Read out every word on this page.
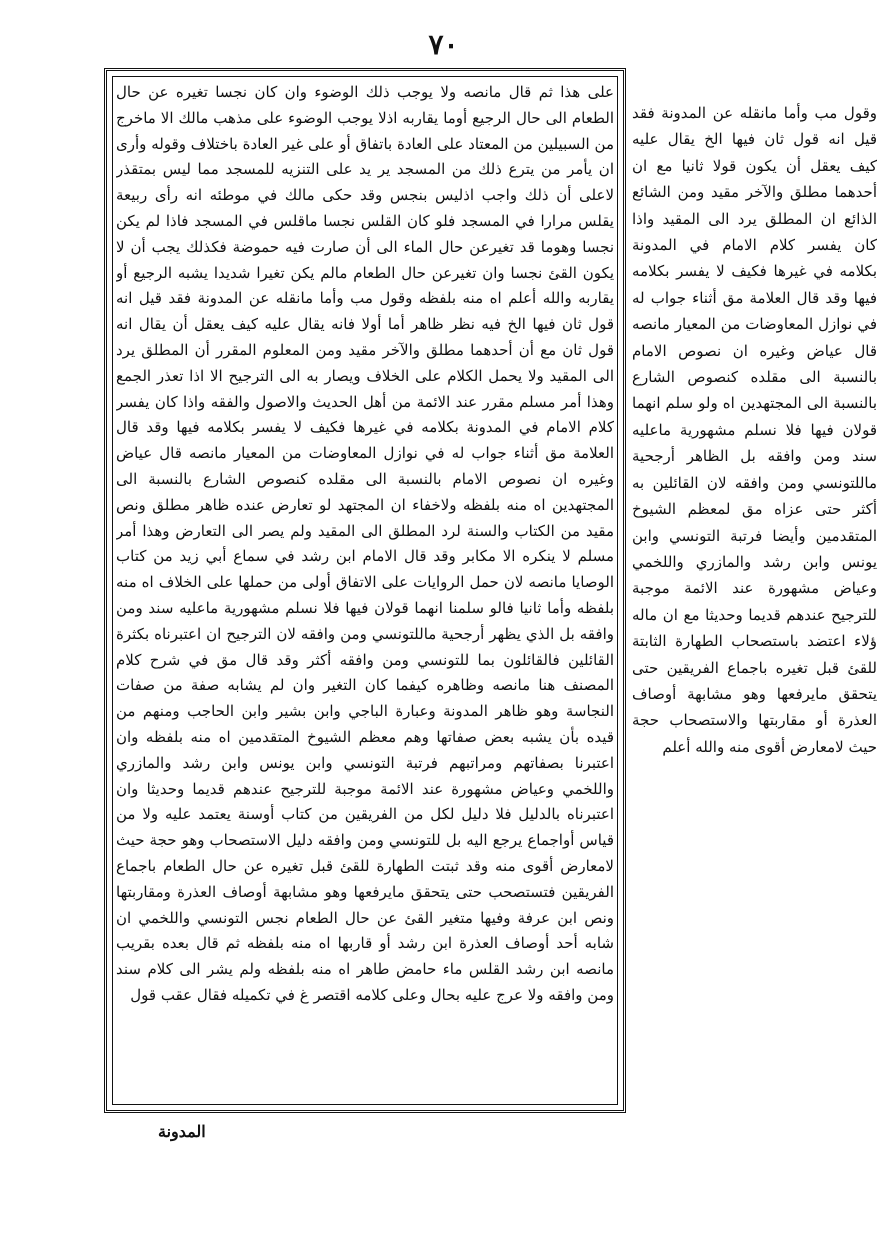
٧٠

على هذا ثم قال مانصه ولا يوجب ذلك الوضوء وان كان نجسا تغيره عن حال الطعام الى حال الرجيع أوما يقاربه اذلا يوجب الوضوء على مذهب مالك الا ماخرج من السبيلين من المعتاد على العادة باتفاق أو على غير العادة باختلاف وقوله وأرى ان يأمر من يترع ذلك من المسجد ير يد على التنزيه للمسجد مما ليس بمتقذر لاعلى أن ذلك واجب اذليس بنجس وقد حكى مالك في موطئه انه رأى ربيعة يقلس مرارا في المسجد فلو كان القلس نجسا ماقلس في المسجد فاذا لم يكن نجسا وهوما قد تغيرعن حال الماء الى أن صارت فيه حموضة فكذلك يجب أن لا يكون القئ نجسا وان تغيرعن حال الطعام مالم يكن تغيرا شديدا يشبه الرجيع أو يقاربه والله أعلم اه منه بلفظه وقول مب وأما مانقله عن المدونة فقد قيل انه قول ثان فيها الخ فيه نظر ظاهر أما أولا فانه يقال عليه كيف يعقل أن يقال انه قول ثان مع أن أحدهما مطلق والآخر مقيد ومن المعلوم المقرر أن المطلق يرد الى المقيد ولا يحمل الكلام على الخلاف ويصار به الى الترجيح الا اذا تعذر الجمع وهذا أمر مسلم مقرر عند الائمة من أهل الحديث والاصول والفقه واذا كان يفسر كلام الامام في المدونة بكلامه في غيرها فكيف لا يفسر بكلامه فيها وقد قال العلامة مق أثناء جواب له في نوازل المعاوضات من المعيار مانصه قال عياض وغيره ان نصوص الامام بالنسبة الى مقلده كنصوص الشارع بالنسبة الى المجتهدين اه منه بلفظه ولاخفاء ان المجتهد لو تعارض عنده ظاهر مطلق ونص مقيد من الكتاب والسنة لرد المطلق الى المقيد ولم يصر الى التعارض وهذا أمر مسلم لا ينكره الا مكابر وقد قال الامام ابن رشد في سماع أبي زيد من كتاب الوصايا مانصه لان حمل الروايات على الاتفاق أولى من حملها على الخلاف اه منه بلفظه وأما ثانيا فالو سلمنا انهما قولان فيها فلا نسلم مشهورية ماعليه سند ومن وافقه بل الذي يظهر أرجحية ماللتونسي ومن وافقه لان الترجيح ان اعتبرناه بكثرة القائلين فالقائلون بما للتونسي ومن وافقه أكثر وقد قال مق في شرح كلام المصنف هنا مانصه وظاهره كيفما كان التغير وان لم يشابه صفة من صفات النجاسة وهو ظاهر المدونة وعبارة الباجي وابن بشير وابن الحاجب ومنهم من قيده بأن يشبه بعض صفاتها وهم معظم الشيوخ المتقدمين اه منه بلفظه وان اعتبرنا بصفاتهم ومراتبهم فرتبة التونسي وابن يونس وابن رشد والمازري واللخمي وعياض مشهورة عند الائمة موجبة للترجيح عندهم قديما وحديثا وان اعتبرناه بالدليل فلا دليل لكل من الفريقين من كتاب أوسنة يعتمد عليه ولا من قياس أواجماع يرجع اليه بل للتونسي ومن وافقه دليل الاستصحاب وهو حجة حيث لامعارض أقوى منه وقد ثبتت الطهارة للقئ قبل تغيره عن حال الطعام باجماع الفريقين فتستصحب حتى يتحقق مايرفعها وهو مشابهة أوصاف العذرة ومقاربتها ونص ابن عرفة وفيها متغير القئ عن حال الطعام نجس التونسي واللخمي ان شابه أحد أوصاف العذرة ابن رشد أو قاربها اه منه بلفظه ثم قال بعده بقريب مانصه ابن رشد القلس ماء حامض طاهر اه منه بلفظه ولم يشر الى كلام سند ومن وافقه ولا عرج عليه بحال وعلى كلامه اقتصر غ في تكميله فقال عقب قول

وقول مب وأما مانقله عن المدونة فقد قيل انه قول ثان فيها الخ يقال عليه كيف يعقل أن يكون قولا ثانيا مع ان أحدهما مطلق والآخر مقيد ومن الشائع الذائع ان المطلق يرد الى المقيد واذا كان يفسر كلام الامام في المدونة بكلامه في غيرها فكيف لا يفسر بكلامه فيها وقد قال العلامة مق أثناء جواب له في نوازل المعاوضات من المعيار مانصه قال عياض وغيره ان نصوص الامام بالنسبة الى مقلده كنصوص الشارع بالنسبة الى المجتهدين اه ولو سلم انهما قولان فيها فلا نسلم مشهورية ماعليه سند ومن وافقه بل الظاهر أرجحية ماللتونسي ومن وافقه لان القائلين به أكثر حتى عزاه مق لمعظم الشيوخ المتقدمين وأيضا فرتبة التونسي وابن يونس وابن رشد والمازري واللخمي وعياض مشهورة عند الائمة موجبة للترجيح عندهم قديما وحديثا مع ان ماله ؤلاء اعتضد باستصحاب الطهارة الثابتة للقئ قبل تغيره باجماع الفريقين حتى يتحقق مايرفعها وهو مشابهة أوصاف العذرة أو مقاربتها والاستصحاب حجة حيث لامعارض أقوى منه والله أعلم

المدونة
